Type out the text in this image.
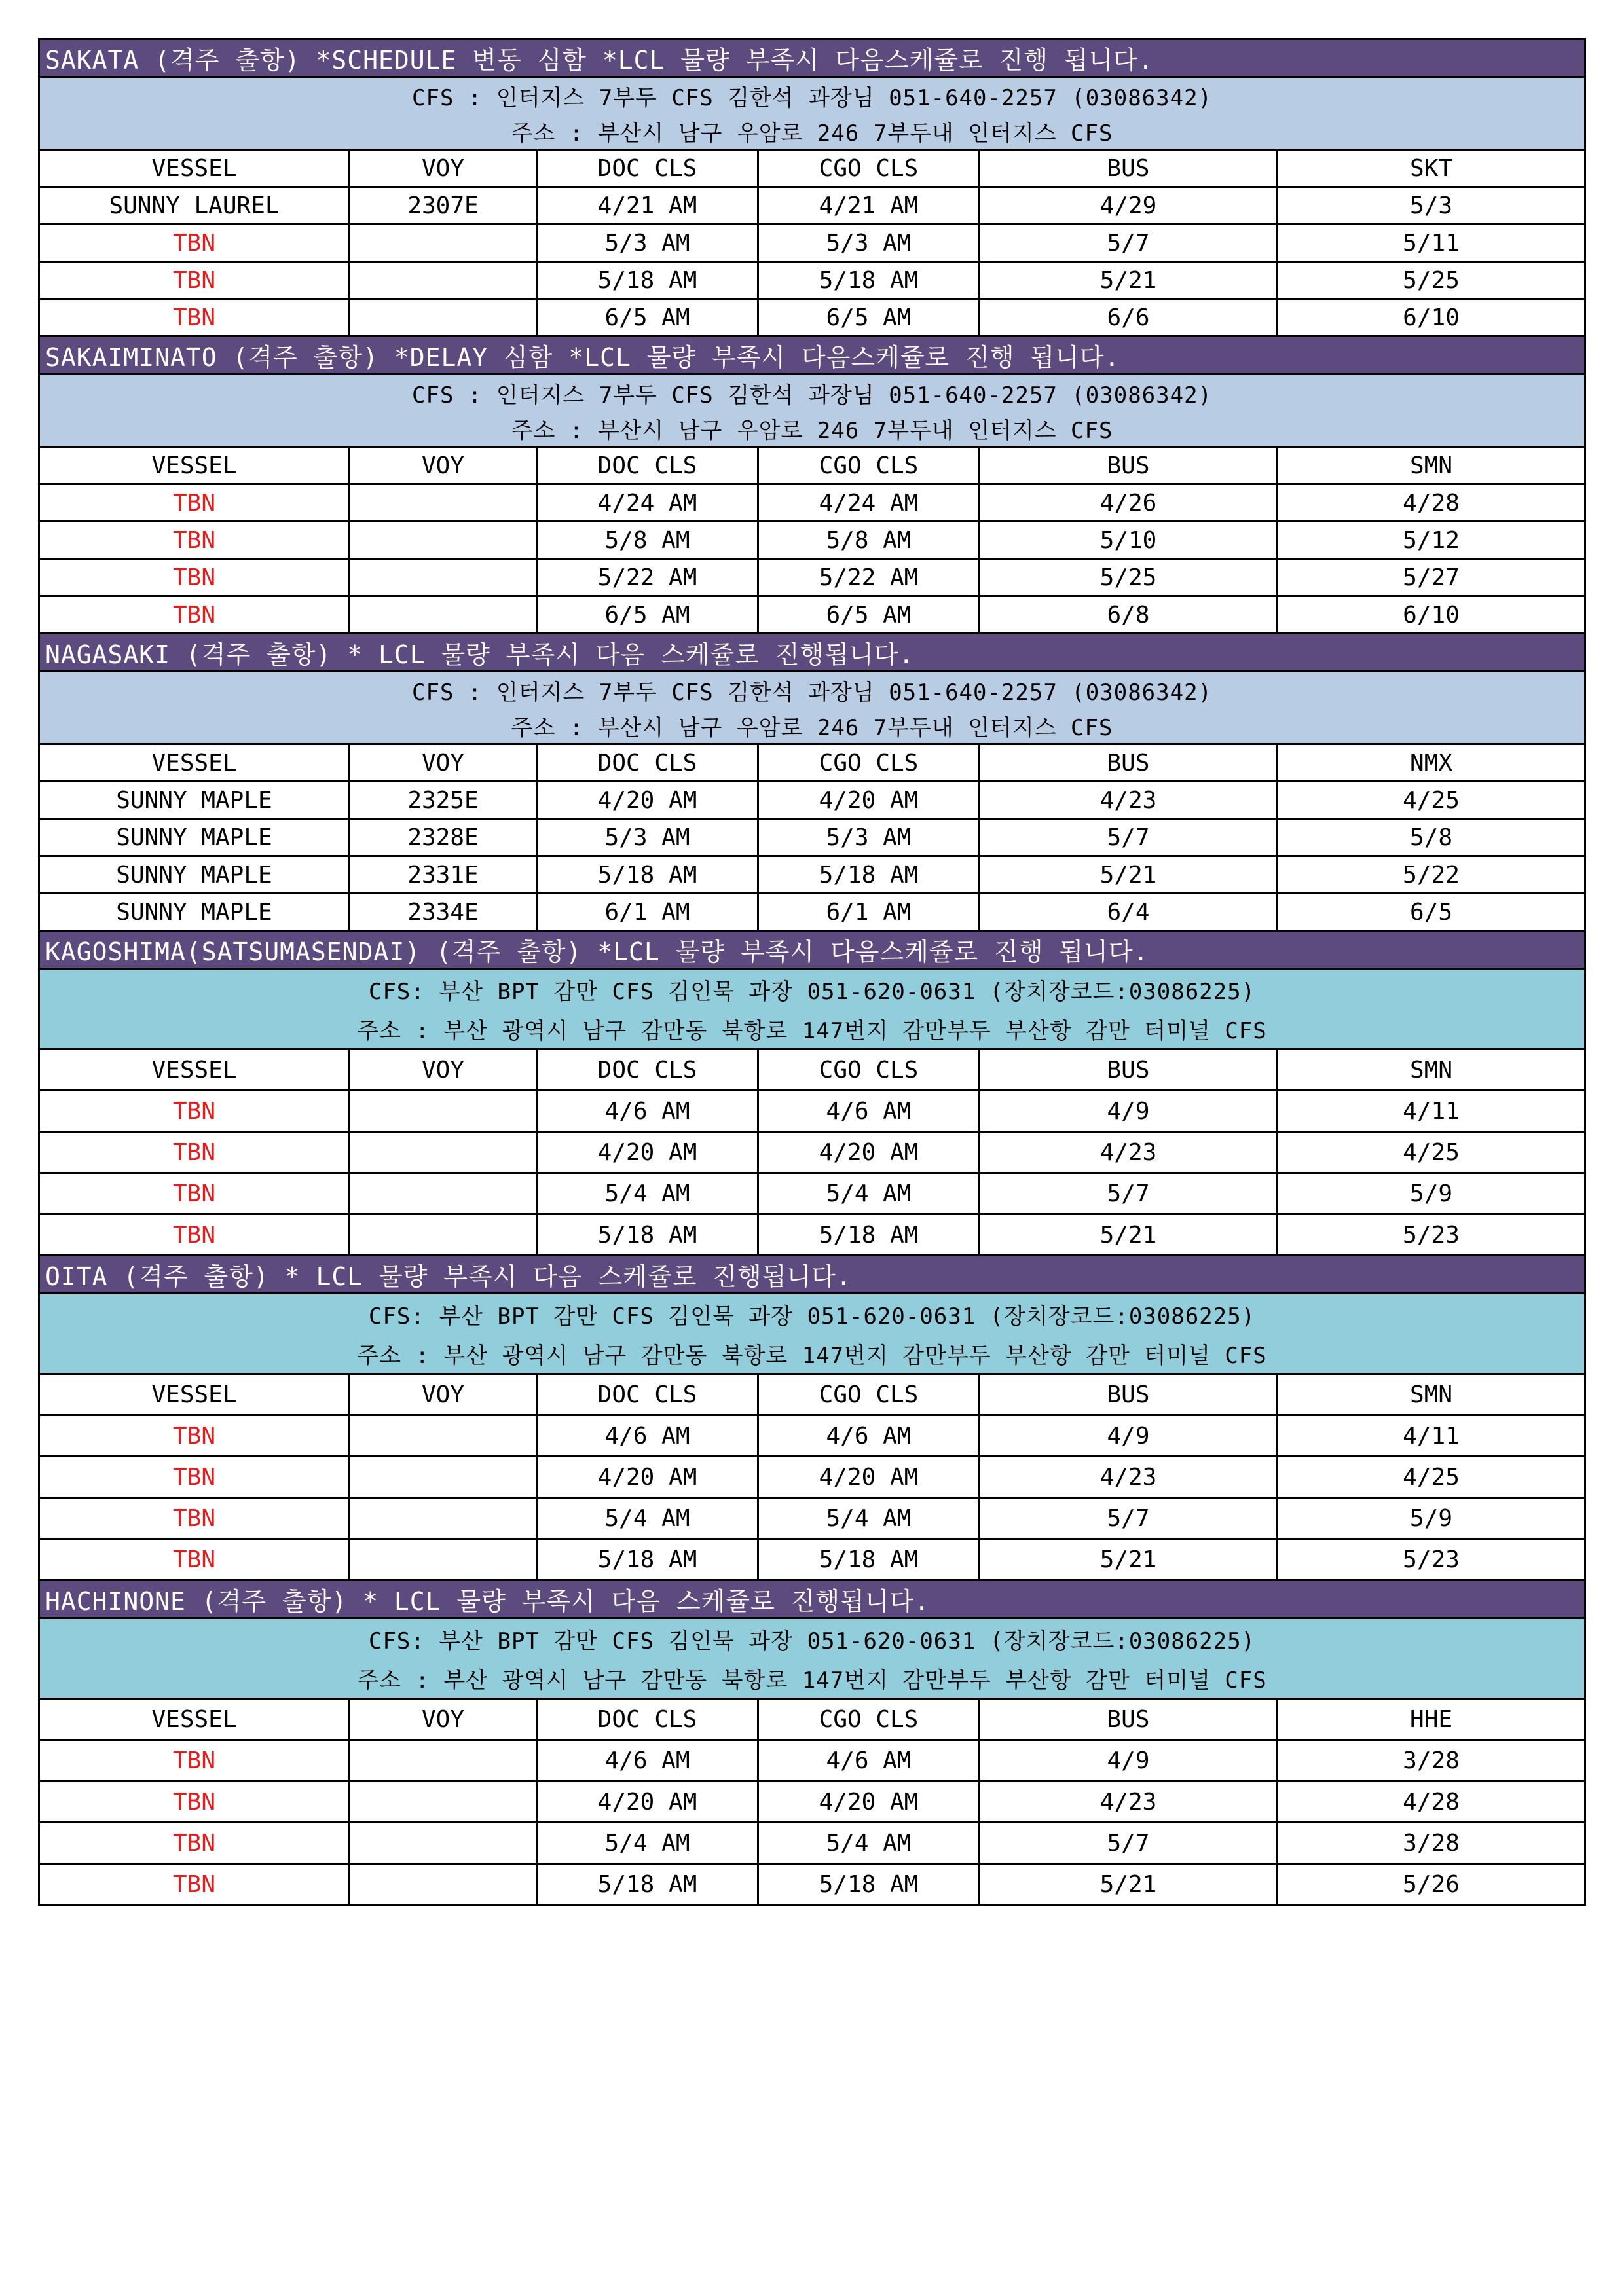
SAKATA (격주 출항) *SCHEDULE 변동 심함 *LCL 물량 부족시 다음스케쥴로 진행 됩니다.					
CFS : 인터지스 7부두 CFS 김한석 과장님 051-640-2257 (03086342)					
주소 : 부산시 남구 우암로 246 7부두내 인터지스 CFS					
VESSEL	VOY	DOC CLS	CGO CLS	BUS	SKT
SUNNY LAUREL	2307E	4/21 AM	4/21 AM	4/29	5/3
TBN		5/3 AM	5/3 AM	5/7	5/11
TBN		5/18 AM	5/18 AM	5/21	5/25
TBN		6/5 AM	6/5 AM	6/6	6/10
SAKAIMINATO (격주 출항) *DELAY 심함 *LCL 물량 부족시 다음스케쥴로 진행 됩니다.					
CFS : 인터지스 7부두 CFS 김한석 과장님 051-640-2257 (03086342)					
주소 : 부산시 남구 우암로 246 7부두내 인터지스 CFS					
VESSEL	VOY	DOC CLS	CGO CLS	BUS	SMN
TBN		4/24 AM	4/24 AM	4/26	4/28
TBN		5/8 AM	5/8 AM	5/10	5/12
TBN		5/22 AM	5/22 AM	5/25	5/27
TBN		6/5 AM	6/5 AM	6/8	6/10
NAGASAKI (격주 출항) * LCL 물량 부족시 다음 스케쥴로 진행됩니다.					
CFS : 인터지스 7부두 CFS 김한석 과장님 051-640-2257 (03086342)					
주소 : 부산시 남구 우암로 246 7부두내 인터지스 CFS					
VESSEL	VOY	DOC CLS	CGO CLS	BUS	NMX
SUNNY MAPLE	2325E	4/20 AM	4/20 AM	4/23	4/25
SUNNY MAPLE	2328E	5/3 AM	5/3 AM	5/7	5/8
SUNNY MAPLE	2331E	5/18 AM	5/18 AM	5/21	5/22
SUNNY MAPLE	2334E	6/1 AM	6/1 AM	6/4	6/5
KAGOSHIMA(SATSUMASENDAI) (격주 출항) *LCL 물량 부족시 다음스케쥴로 진행 됩니다.					
CFS: 부산 BPT 감만 CFS 김인묵 과장 051-620-0631 (장치장코드:03086225)					
주소 : 부산 광역시 남구 감만동 북항로 147번지 감만부두 부산항 감만 터미널 CFS					
VESSEL	VOY	DOC CLS	CGO CLS	BUS	SMN
TBN		4/6 AM	4/6 AM	4/9	4/11
TBN		4/20 AM	4/20 AM	4/23	4/25
TBN		5/4 AM	5/4 AM	5/7	5/9
TBN		5/18 AM	5/18 AM	5/21	5/23
OITA (격주 출항) * LCL 물량 부족시 다음 스케쥴로 진행됩니다.					
CFS: 부산 BPT 감만 CFS 김인묵 과장 051-620-0631 (장치장코드:03086225)					
주소 : 부산 광역시 남구 감만동 북항로 147번지 감만부두 부산항 감만 터미널 CFS					
VESSEL	VOY	DOC CLS	CGO CLS	BUS	SMN
TBN		4/6 AM	4/6 AM	4/9	4/11
TBN		4/20 AM	4/20 AM	4/23	4/25
TBN		5/4 AM	5/4 AM	5/7	5/9
TBN		5/18 AM	5/18 AM	5/21	5/23
HACHINONE (격주 출항) * LCL 물량 부족시 다음 스케쥴로 진행됩니다.					
CFS: 부산 BPT 감만 CFS 김인묵 과장 051-620-0631 (장치장코드:03086225)					
주소 : 부산 광역시 남구 감만동 북항로 147번지 감만부두 부산항 감만 터미널 CFS					
VESSEL	VOY	DOC CLS	CGO CLS	BUS	HHE
TBN		4/6 AM	4/6 AM	4/9	3/28
TBN		4/20 AM	4/20 AM	4/23	4/28
TBN		5/4 AM	5/4 AM	5/7	3/28
TBN		5/18 AM	5/18 AM	5/21	5/26
